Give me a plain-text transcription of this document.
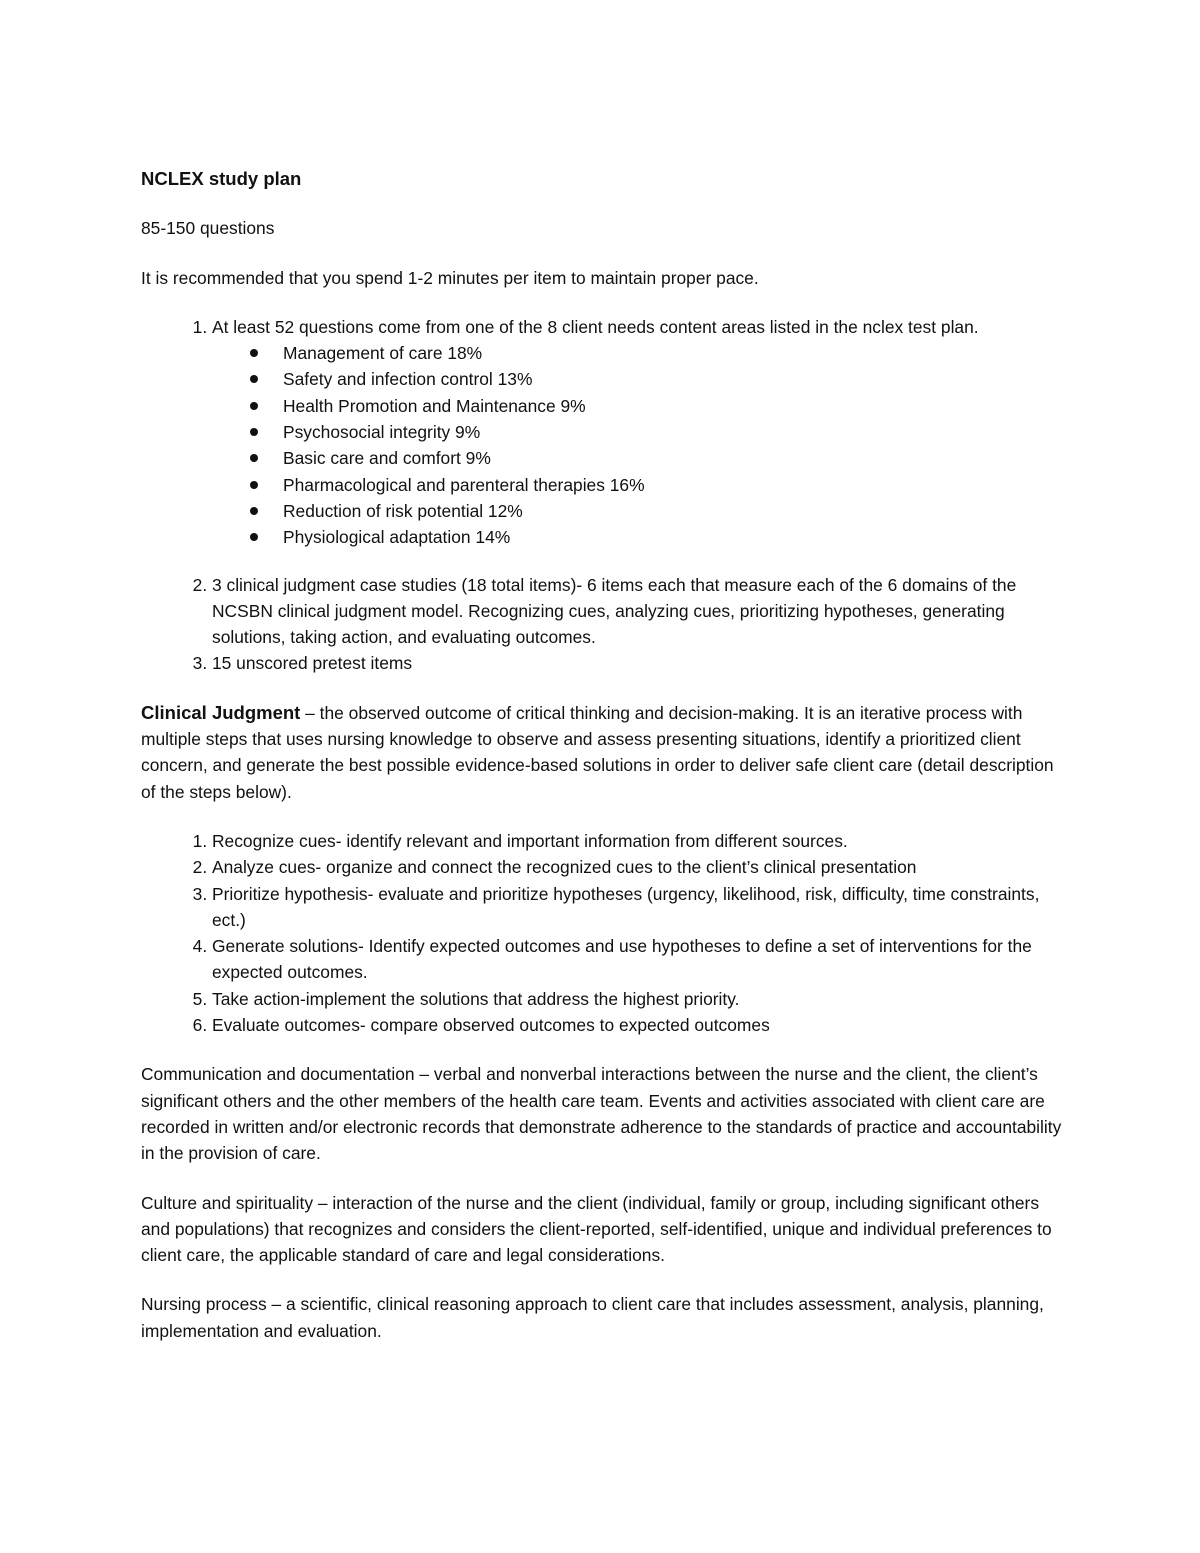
NCLEX study plan

85-150 questions

It is recommended that you spend 1-2 minutes per item to maintain proper pace.

1. At least 52 questions come from one of the 8 client needs content areas listed in the nclex test plan.
Management of care 18%
Safety and infection control 13%
Health Promotion and Maintenance 9%
Psychosocial integrity 9%
Basic care and comfort 9%
Pharmacological and parenteral therapies 16%
Reduction of risk potential 12%
Physiological adaptation 14%
2. 3 clinical judgment case studies (18 total items)- 6 items each that measure each of the 6 domains of the NCSBN clinical judgment model. Recognizing cues, analyzing cues, prioritizing hypotheses, generating solutions, taking action, and evaluating outcomes.
3. 15 unscored pretest items

Clinical Judgment – the observed outcome of critical thinking and decision-making. It is an iterative process with multiple steps that uses nursing knowledge to observe and assess presenting situations, identify a prioritized client concern, and generate the best possible evidence-based solutions in order to deliver safe client care (detail description of the steps below).

1. Recognize cues- identify relevant and important information from different sources.
2. Analyze cues- organize and connect the recognized cues to the client’s clinical presentation
3. Prioritize hypothesis- evaluate and prioritize hypotheses (urgency, likelihood, risk, difficulty, time constraints, ect.)
4. Generate solutions- Identify expected outcomes and use hypotheses to define a set of interventions for the expected outcomes.
5. Take action-implement the solutions that address the highest priority.
6. Evaluate outcomes- compare observed outcomes to expected outcomes

Communication and documentation – verbal and nonverbal interactions between the nurse and the client, the client’s significant others and the other members of the health care team. Events and activities associated with client care are recorded in written and/or electronic records that demonstrate adherence to the standards of practice and accountability in the provision of care.

Culture and spirituality – interaction of the nurse and the client (individual, family or group, including significant others and populations) that recognizes and considers the client-reported, self-identified, unique and individual preferences to client care, the applicable standard of care and legal considerations.

Nursing process – a scientific, clinical reasoning approach to client care that includes assessment, analysis, planning, implementation and evaluation.
